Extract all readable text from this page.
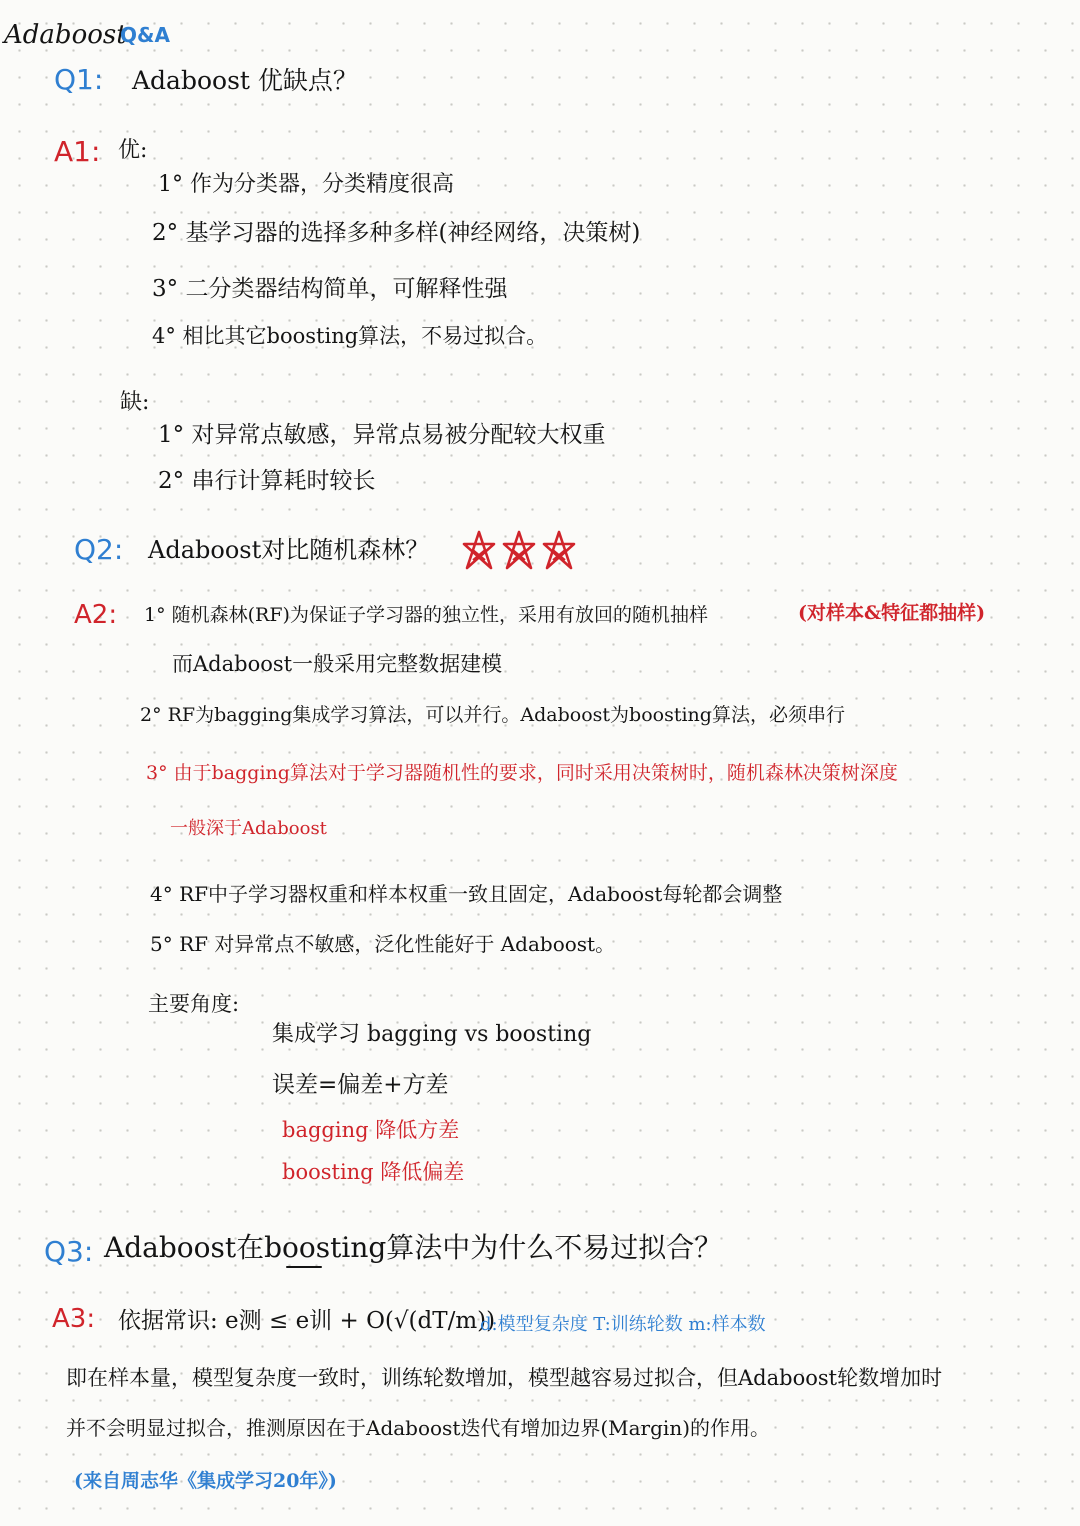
Adaboost
Q&A
Q1: Adaboost 优缺点？
A1: 优:
1° 作为分类器，分类精度很高
2° 基学习器的选择多种多样(神经网络，决策树)
3° 二分类器结构简单，可解释性强
4° 相比其它boosting算法，不易过拟合。
缺:
1° 对异常点敏感，异常点易被分配较大权重
2° 串行计算耗时较长
Q2: Adaboost对比随机森林？
A2: 1° 随机森林(RF)为保证子学习器的独立性，采用有放回的随机抽样	(对样本&特征都抽样)
而Adaboost一般采用完整数据建模
2° RF为bagging集成学习算法，可以并行。Adaboost为boosting算法，必须串行
3° 由于bagging算法对于学习器随机性的要求，同时采用决策树时，随机森林决策树深度
一般深于Adaboost
4° RF中子学习器权重和样本权重一致且固定，Adaboost每轮都会调整
5° RF 对异常点不敏感，泛化性能好于 Adaboost。
主要角度:
集成学习 bagging vs boosting
误差=偏差+方差
bagging 降低方差
boosting 降低偏差
Q3: Adaboost在boosting算法中为什么不易过拟合？
A3: 依据常识: e测 ≤ e训 + O(√(dT/m))
d:模型复杂度 T:训练轮数 m:样本数
即在样本量，模型复杂度一致时，训练轮数增加，模型越容易过拟合，但Adaboost轮数增加时
并不会明显过拟合，推测原因在于Adaboost迭代有增加边界(Margin)的作用。
(来自周志华《集成学习20年》)
